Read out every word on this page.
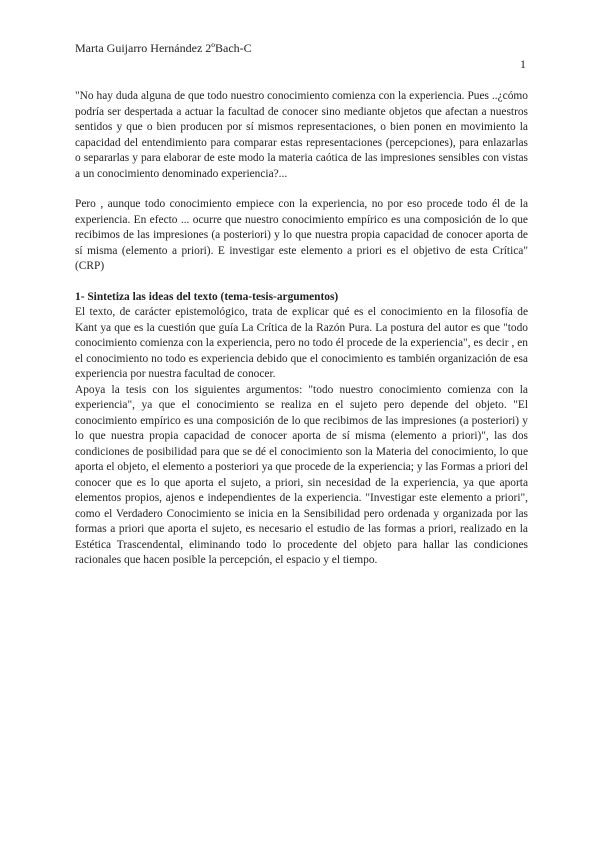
Marta Guijarro Hernández 2ºBach-C
1

"No hay duda alguna de que todo nuestro conocimiento comienza con la experiencia. Pues ..¿cómo podría ser despertada a actuar la facultad de conocer sino mediante objetos que afectan a nuestros sentidos y que o bien producen por sí mismos representaciones, o bien ponen en movimiento la capacidad del entendimiento para comparar estas representaciones (percepciones), para enlazarlas o separarlas y para elaborar de este modo la materia caótica de las impresiones sensibles con vistas a un conocimiento denominado experiencia?...

Pero , aunque todo conocimiento empiece con la experiencia, no por eso procede todo él de la experiencia. En efecto ... ocurre que nuestro conocimiento empírico es una composición de lo que recibimos de las impresiones (a posteriori) y lo que nuestra propia capacidad de conocer aporta de sí misma (elemento a priori). E investigar este elemento a priori es el objetivo de esta Crítica" (CRP)

1- Sintetiza las ideas del texto (tema-tesis-argumentos)

El texto, de carácter epistemológico, trata de explicar qué es el conocimiento en la filosofía de Kant ya que es la cuestión que guía La Crítica de la Razón Pura. La postura del autor es que "todo conocimiento comienza con la experiencia, pero no todo él procede de la experiencia", es decir , en el conocimiento no todo es experiencia debido que el conocimiento es también organización de esa experiencia por nuestra facultad de conocer.

Apoya la tesis con los siguientes argumentos: "todo nuestro conocimiento comienza con la experiencia", ya que el conocimiento se realiza en el sujeto pero depende del objeto. "El conocimiento empírico es una composición de lo que recibimos de las impresiones (a posteriori) y lo que nuestra propia capacidad de conocer aporta de sí misma (elemento a priori)", las dos condiciones de posibilidad para que se dé el conocimiento son la Materia del conocimiento, lo que aporta el objeto, el elemento a posteriori ya que procede de la experiencia; y las Formas a priori del conocer que es lo que aporta el sujeto, a priori, sin necesidad de la experiencia, ya que aporta elementos propios, ajenos e independientes de la experiencia. "Investigar este elemento a priori", como el Verdadero Conocimiento se inicia en la Sensibilidad pero ordenada y organizada por las formas a priori que aporta el sujeto, es necesario el estudio de las formas a priori, realizado en la Estética Trascendental, eliminando todo lo procedente del objeto para hallar las condiciones racionales que hacen posible la percepción, el espacio y el tiempo.
